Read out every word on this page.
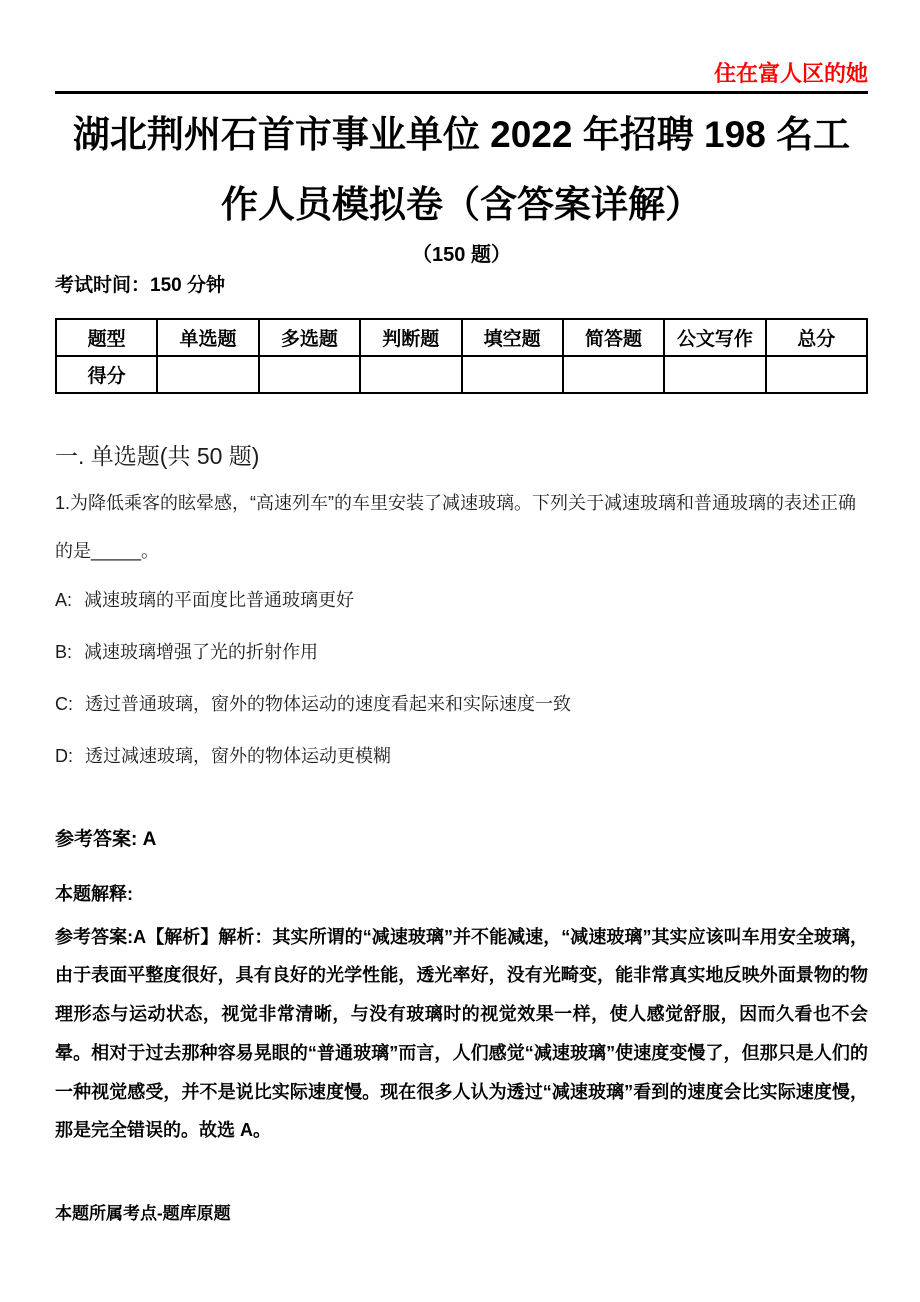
住在富人区的她
湖北荆州石首市事业单位 2022 年招聘 198 名工作人员模拟卷（含答案详解）
（150 题）
考试时间：150 分钟
题型	单选题	多选题	判断题	填空题	简答题	公文写作	总分
得分							
一. 单选题(共 50 题)

1.为降低乘客的眩晕感，“高速列车”的车里安装了减速玻璃。下列关于减速玻璃和普通玻璃的表述正确的是_____。

A: 减速玻璃的平面度比普通玻璃更好
B: 减速玻璃增强了光的折射作用
C: 透过普通玻璃，窗外的物体运动的速度看起来和实际速度一致
D: 透过减速玻璃，窗外的物体运动更模糊

参考答案: A

本题解释:

参考答案:A【解析】解析：其实所谓的“减速玻璃”并不能减速，“减速玻璃”其实应该叫车用安全玻璃，由于表面平整度很好，具有良好的光学性能，透光率好，没有光畸变，能非常真实地反映外面景物的物理形态与运动状态，视觉非常清晰，与没有玻璃时的视觉效果一样，使人感觉舒服，因而久看也不会晕。相对于过去那种容易晃眼的“普通玻璃”而言，人们感觉“减速玻璃”使速度变慢了，但那只是人们的一种视觉感受，并不是说比实际速度慢。现在很多人认为透过“减速玻璃”看到的速度会比实际速度慢，那是完全错误的。故选 A。

本题所属考点-题库原题
